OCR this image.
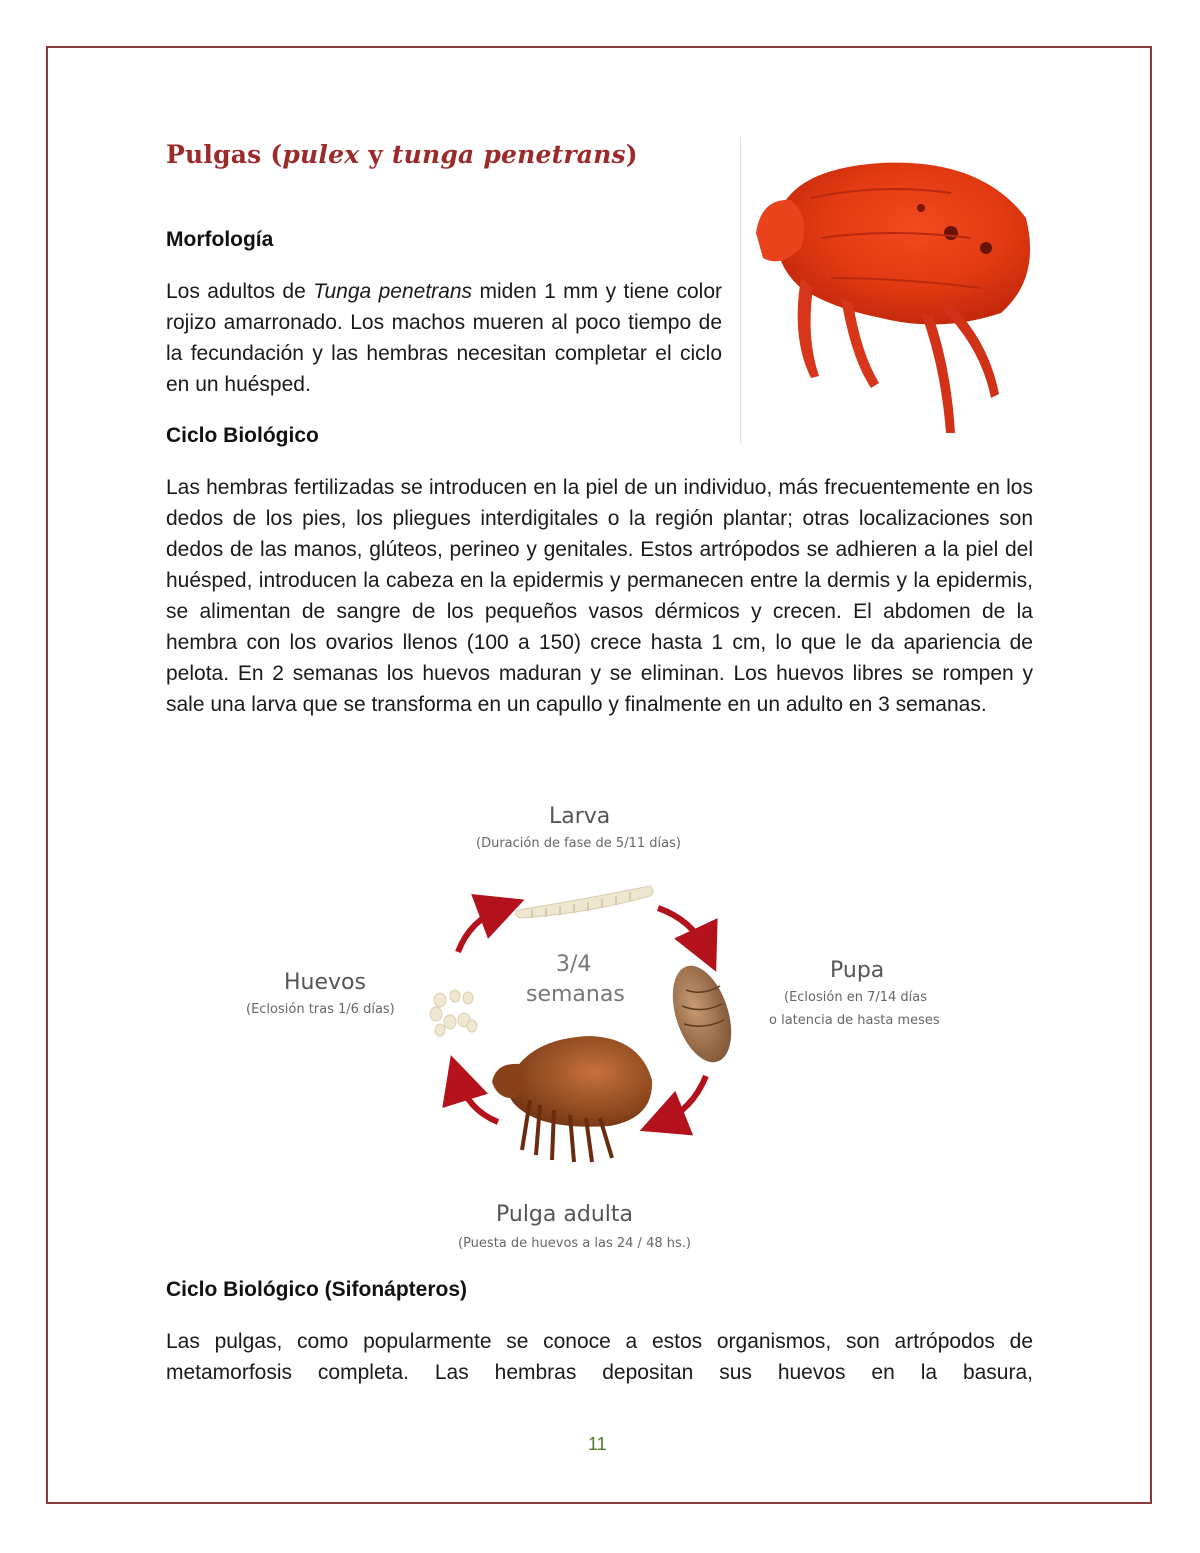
Pulgas (pulex y tunga penetrans)
Morfología
Los adultos de Tunga penetrans miden 1 mm y tiene color rojizo amarronado. Los machos mueren al poco tiempo de la fecundación y las hembras necesitan completar el ciclo en un huésped.
Ciclo Biológico
Las hembras fertilizadas se introducen en la piel de un individuo, más frecuentemente en los dedos de los pies, los pliegues interdigitales o la región plantar; otras localizaciones son dedos de las manos, glúteos, perineo y genitales. Estos artrópodos se adhieren a la piel del huésped, introducen la cabeza en la epidermis y permanecen entre la dermis y la epidermis, se alimentan de sangre de los pequeños vasos dérmicos y crecen. El abdomen de la hembra con los ovarios llenos (100 a 150) crece hasta 1 cm, lo que le da apariencia de pelota. En 2 semanas los huevos maduran y se eliminan. Los huevos libres se rompen y sale una larva que se transforma en un capullo y finalmente en un adulto en 3 semanas.
Larva
(Duración de fase de 5/11 días)
Huevos
(Eclosión tras 1/6 días)
Pupa
(Eclosión en 7/14 días
o latencia de hasta meses
3/4
semanas
Pulga adulta
(Puesta de huevos a las 24 / 48 hs.)
Ciclo Biológico (Sifonápteros)
Las pulgas, como popularmente se conoce a estos organismos, son artrópodos de metamorfosis completa. Las hembras depositan sus huevos en la basura,
11
